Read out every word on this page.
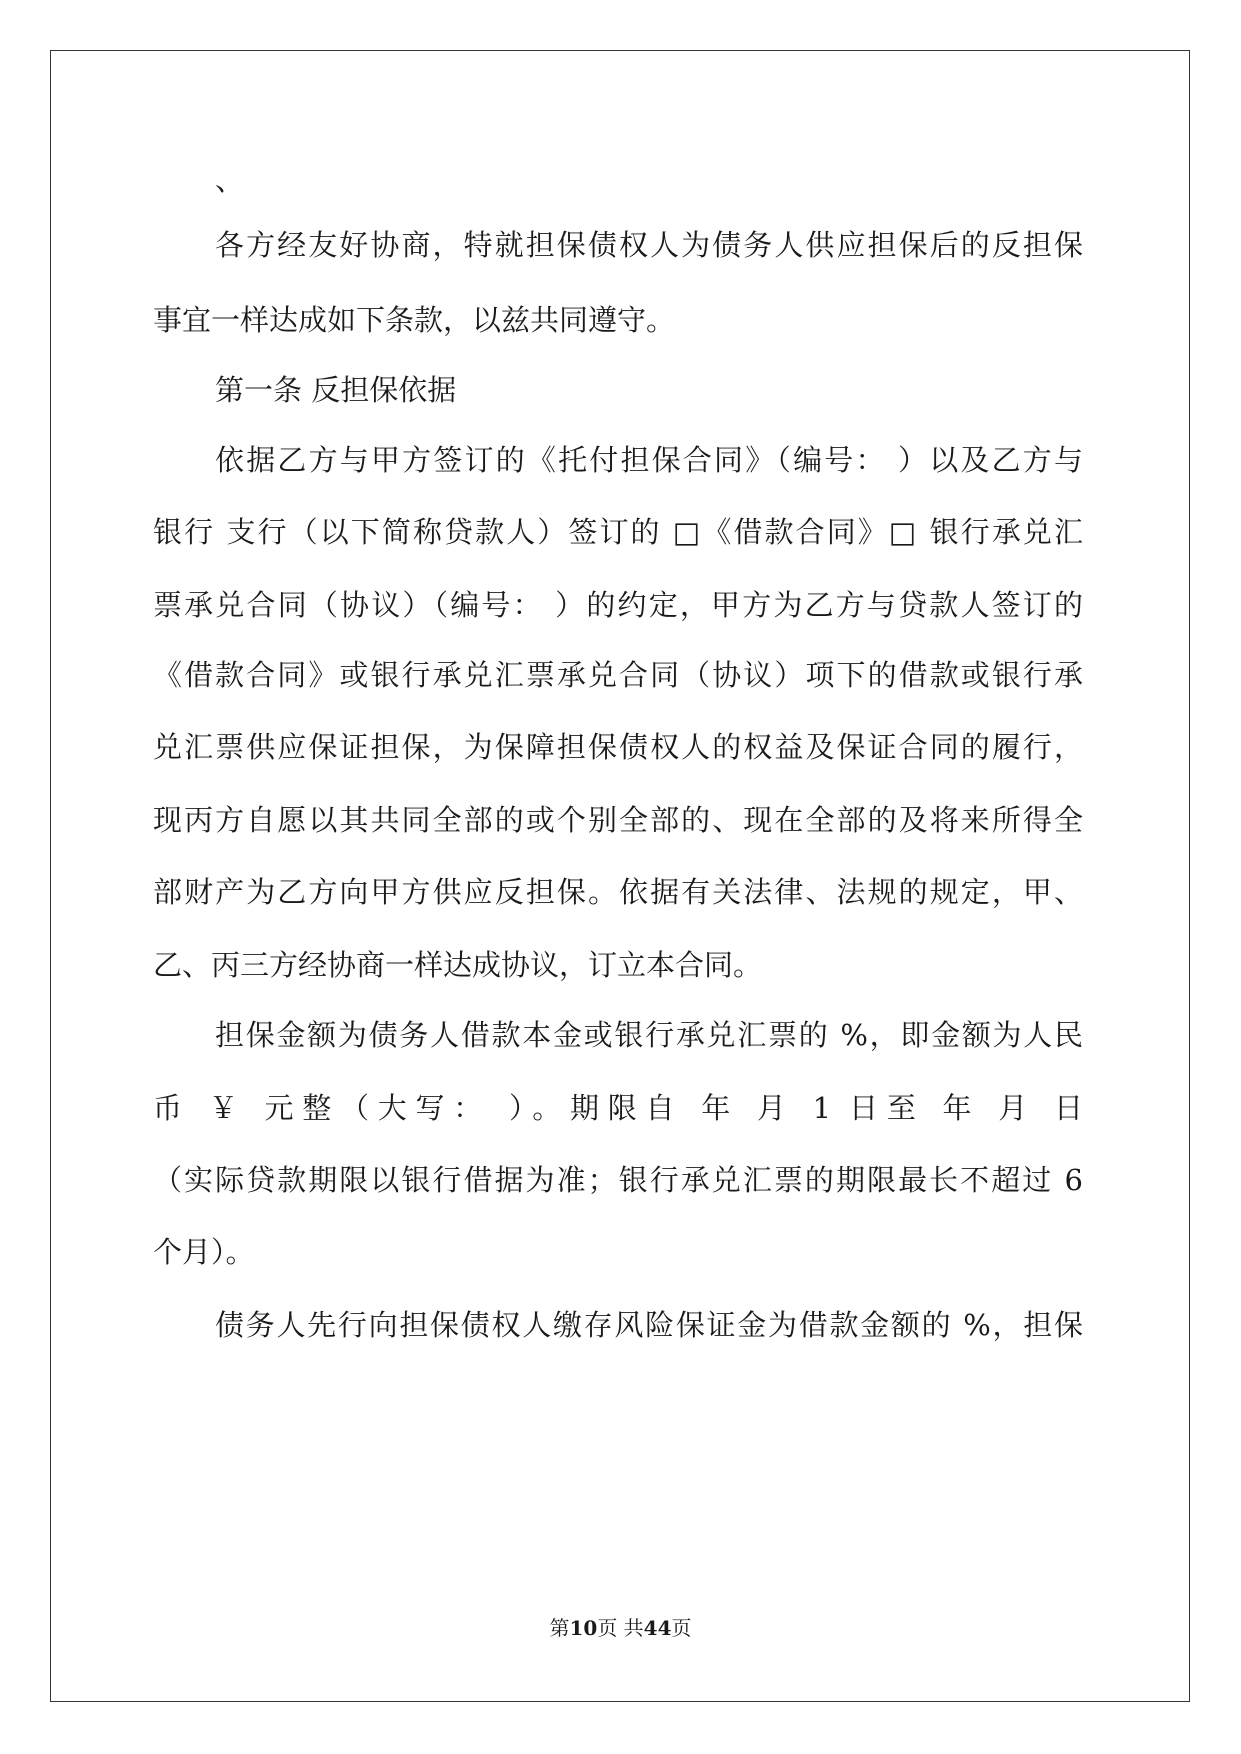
、
各方经友好协商，特就担保债权人为债务人供应担保后的反担保
事宜一样达成如下条款，以兹共同遵守。
第一条 反担保依据
依据乙方与甲方签订的《托付担保合同》（编号： ）以及乙方与
银行 支行（以下简称贷款人）签订的 □《借款合同》□ 银行承兑汇
票承兑合同（协议）（编号： ）的约定，甲方为乙方与贷款人签订的
《借款合同》或银行承兑汇票承兑合同（协议）项下的借款或银行承
兑汇票供应保证担保，为保障担保债权人的权益及保证合同的履行，
现丙方自愿以其共同全部的或个别全部的、现在全部的及将来所得全
部财产为乙方向甲方供应反担保。依据有关法律、法规的规定，甲、
乙、丙三方经协商一样达成协议，订立本合同。
担保金额为债务人借款本金或银行承兑汇票的 %，即金额为人民
币 ￥ 元整（大写： ）。期限自 年 月 1 日至 年 月 日
（实际贷款期限以银行借据为准；银行承兑汇票的期限最长不超过 6
个月）。
债务人先行向担保债权人缴存风险保证金为借款金额的 %，担保
第10页 共44页
